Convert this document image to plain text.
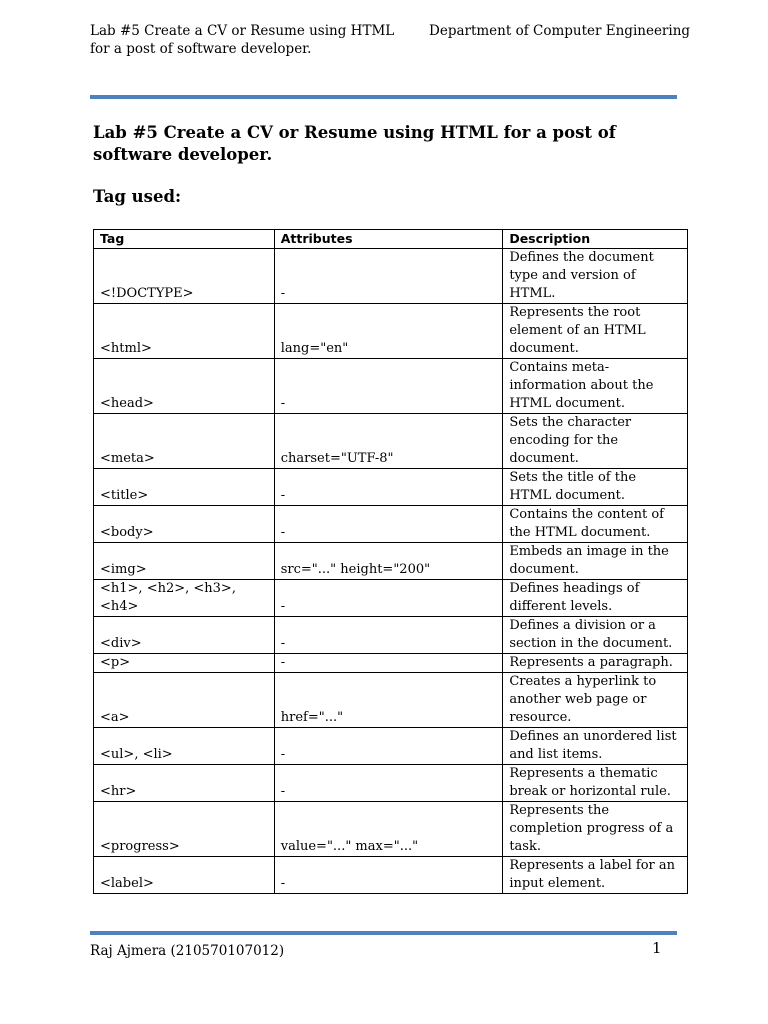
Lab #5 Create a CV or Resume using HTML for a post of software developer.
Department of Computer Engineering
Lab #5 Create a CV or Resume using HTML for a post of software developer.
Tag used:
Tag	Attributes	Description
<!DOCTYPE>	-	Defines the document type and version of HTML.
<html>	lang="en"	Represents the root element of an HTML document.
<head>	-	Contains meta-information about the HTML document.
<meta>	charset="UTF-8"	Sets the character encoding for the document.
<title>	-	Sets the title of the HTML document.
<body>	-	Contains the content of the HTML document.
<img>	src="..." height="200"	Embeds an image in the document.
<h1>, <h2>, <h3>, <h4>	-	Defines headings of different levels.
<div>	-	Defines a division or a section in the document.
<p>	-	Represents a paragraph.
<a>	href="..."	Creates a hyperlink to another web page or resource.
<ul>, <li>	-	Defines an unordered list and list items.
<hr>	-	Represents a thematic break or horizontal rule.
<progress>	value="..." max="..."	Represents the completion progress of a task.
<label>	-	Represents a label for an input element.
Raj Ajmera (210570107012)	1
